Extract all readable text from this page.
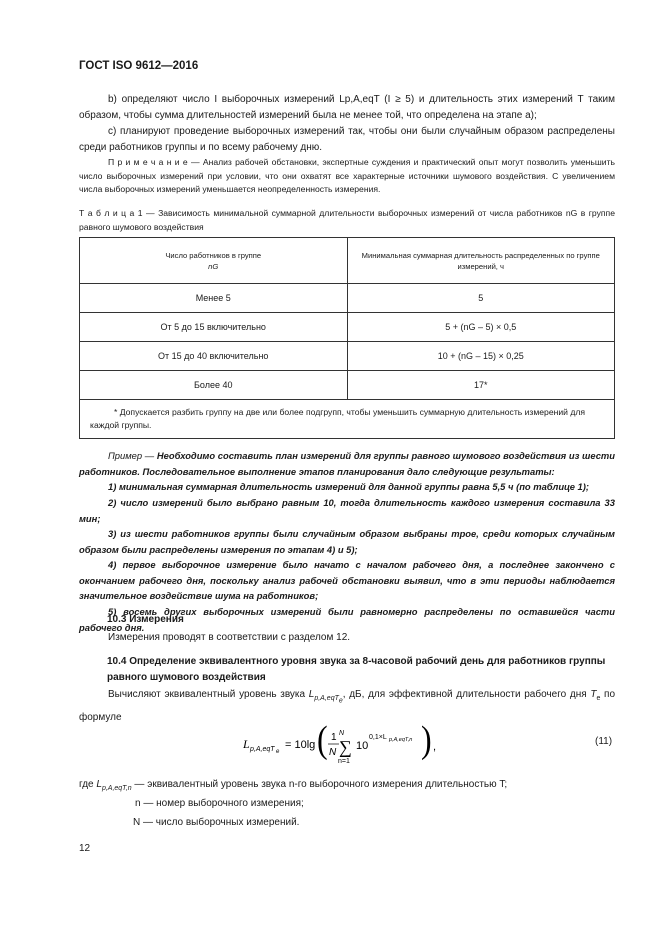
ГОСТ ISO 9612—2016
b) определяют число I выборочных измерений Lp,A,eqT (I ≥ 5) и длительность этих измерений T таким образом, чтобы сумма длительностей измерений была не менее той, что определена на этапе а);
c) планируют проведение выборочных измерений так, чтобы они были случайным образом распределены среди работников группы и по всему рабочему дню.
П р и м е ч а н и е — Анализ рабочей обстановки, экспертные суждения и практический опыт могут позволить уменьшить число выборочных измерений при условии, что они охватят все характерные источники шумового воздействия. С увеличением числа выборочных измерений уменьшается неопределенность измерения.
Т а б л и ц а 1 — Зависимость минимальной суммарной длительности выборочных измерений от числа работников nG в группе равного шумового воздействия
Число работников в группе
nG	Минимальная суммарная длительность распределенных по группе измерений, ч
Менее 5	5
От 5 до 15 включительно	5 + (nG – 5) × 0,5
От 15 до 40 включительно	10 + (nG – 15) × 0,25
Более 40	17*
* Допускается разбить группу на две или более подгрупп, чтобы уменьшить суммарную длительность измерений для каждой группы.	
Пример — Необходимо составить план измерений для группы равного шумового воздействия из шести работников. Последовательное выполнение этапов планирования дало следующие результаты:
1) минимальная суммарная длительность измерений для данной группы равна 5,5 ч (по таблице 1);
2) число измерений было выбрано равным 10, тогда длительность каждого измерения составила 33 мин;
3) из шести работников группы были случайным образом выбраны трое, среди которых случайным образом были распределены измерения по этапам 4) и 5);
4) первое выборочное измерение было начато с началом рабочего дня, а последнее закончено с окончанием рабочего дня, поскольку анализ рабочей обстановки выявил, что в эти периоды наблюдается значительное воздействие шума на работников;
5) восемь других выборочных измерений были равномерно распределены по оставшейся части рабочего дня.
10.3 Измерения
Измерения проводят в соответствии с разделом 12.
10.4 Определение эквивалентного уровня звука за 8-часовой рабочий день для работников группы равного шумового воздействия
Вычисляют эквивалентный уровень звука $L_{p,A,eqT_e}$, дБ, для эффективной длительности рабочего дня $T_e$ по формуле
L p,A,eqT e
= 10lg ( 1
N
N
∑
n=1
10
0,1×L p,A,eqT,n ) ,	(11)
где $L_{p,A,eqT,n}$ — эквивалентный уровень звука n-го выборочного измерения длительностью T;
n — номер выборочного измерения;
N — число выборочных измерений.
12
